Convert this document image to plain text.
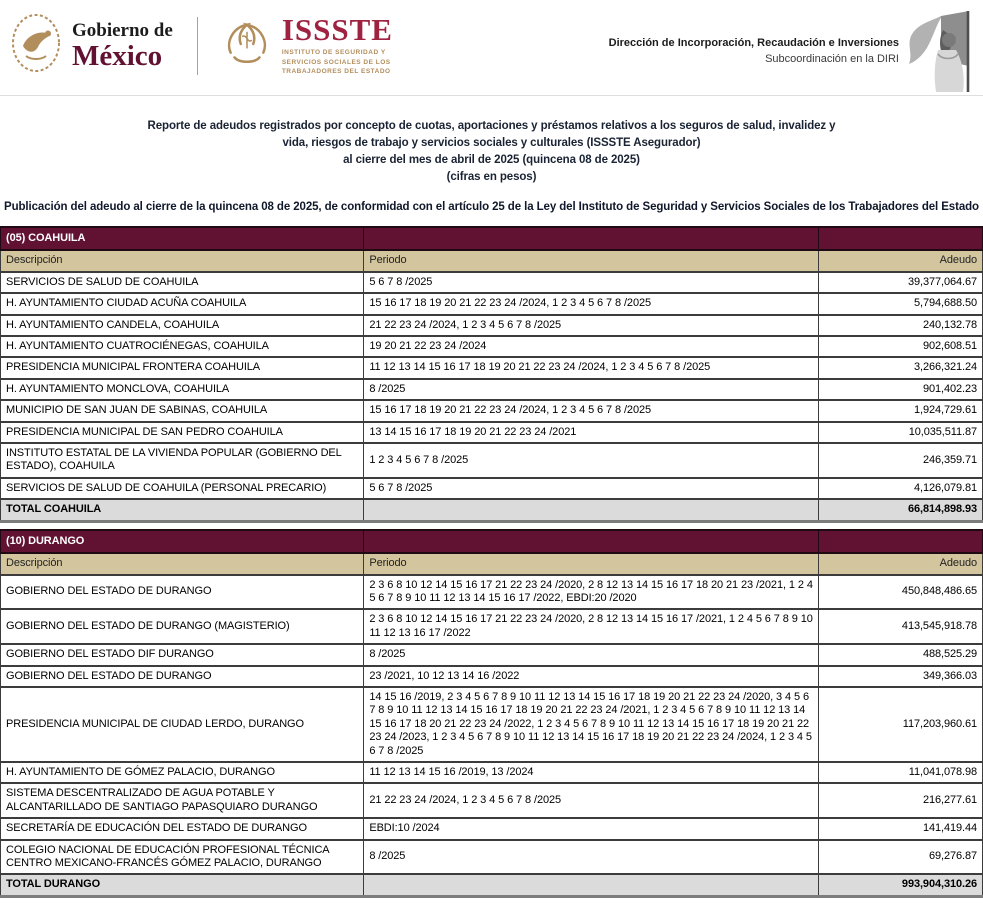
Gobierno de
México
ISSSTE
INSTITUTO DE SEGURIDAD Y SERVICIOS SOCIALES DE LOS TRABAJADORES DEL ESTADO
Dirección de Incorporación, Recaudación e Inversiones
Subcoordinación en la DIRI
Reporte de adeudos registrados por concepto de cuotas, aportaciones y préstamos relativos a los seguros de salud, invalidez y
vida, riesgos de trabajo y servicios sociales y culturales (ISSSTE Asegurador)
al cierre del mes de abril de 2025 (quincena 08 de 2025)
(cifras en pesos)
Publicación del adeudo al cierre de la quincena 08 de 2025, de conformidad con el artículo 25 de la Ley del Instituto de Seguridad y Servicios Sociales de los Trabajadores del Estado
(05) COAHUILA		
Descripción	Periodo	Adeudo
SERVICIOS DE SALUD DE COAHUILA	5 6 7 8 /2025	39,377,064.67
H. AYUNTAMIENTO CIUDAD ACUÑA COAHUILA	15 16 17 18 19 20 21 22 23 24 /2024, 1 2 3 4 5 6 7 8 /2025	5,794,688.50
H. AYUNTAMIENTO CANDELA, COAHUILA	21 22 23 24 /2024, 1 2 3 4 5 6 7 8 /2025	240,132.78
H. AYUNTAMIENTO CUATROCIÉNEGAS, COAHUILA	19 20 21 22 23 24 /2024	902,608.51
PRESIDENCIA MUNICIPAL FRONTERA COAHUILA	11 12 13 14 15 16 17 18 19 20 21 22 23 24 /2024, 1 2 3 4 5 6 7 8 /2025	3,266,321.24
H. AYUNTAMIENTO MONCLOVA, COAHUILA	8 /2025	901,402.23
MUNICIPIO DE SAN JUAN DE SABINAS, COAHUILA	15 16 17 18 19 20 21 22 23 24 /2024, 1 2 3 4 5 6 7 8 /2025	1,924,729.61
PRESIDENCIA MUNICIPAL DE SAN PEDRO COAHUILA	13 14 15 16 17 18 19 20 21 22 23 24 /2021	10,035,511.87
INSTITUTO ESTATAL DE LA VIVIENDA POPULAR (GOBIERNO DEL ESTADO), COAHUILA	1 2 3 4 5 6 7 8 /2025	246,359.71
SERVICIOS DE SALUD DE COAHUILA (PERSONAL PRECARIO)	5 6 7 8 /2025	4,126,079.81
TOTAL COAHUILA		66,814,898.93
(10) DURANGO		
Descripción	Periodo	Adeudo
GOBIERNO DEL ESTADO DE DURANGO	2 3 6 8 10 12 14 15 16 17 21 22 23 24 /2020, 2 8 12 13 14 15 16 17 18 20 21 23 /2021, 1 2 4 5 6 7 8 9 10 11 12 13 14 15 16 17 /2022, EBDI:20 /2020	450,848,486.65
GOBIERNO DEL ESTADO DE DURANGO (MAGISTERIO)	2 3 6 8 10 12 14 15 16 17 21 22 23 24 /2020, 2 8 12 13 14 15 16 17 /2021, 1 2 4 5 6 7 8 9 10 11 12 13 16 17 /2022	413,545,918.78
GOBIERNO DEL ESTADO DIF DURANGO	8 /2025	488,525.29
GOBIERNO DEL ESTADO DE DURANGO	23 /2021, 10 12 13 14 16 /2022	349,366.03
PRESIDENCIA MUNICIPAL DE CIUDAD LERDO, DURANGO	14 15 16 /2019, 2 3 4 5 6 7 8 9 10 11 12 13 14 15 16 17 18 19 20 21 22 23 24 /2020, 3 4 5 6 7 8 9 10 11 12 13 14 15 16 17 18 19 20 21 22 23 24 /2021, 1 2 3 4 5 6 7 8 9 10 11 12 13 14 15 16 17 18 20 21 22 23 24 /2022, 1 2 3 4 5 6 7 8 9 10 11 12 13 14 15 16 17 18 19 20 21 22 23 24 /2023, 1 2 3 4 5 6 7 8 9 10 11 12 13 14 15 16 17 18 19 20 21 22 23 24 /2024, 1 2 3 4 5 6 7 8 /2025	117,203,960.61
H. AYUNTAMIENTO DE GÓMEZ PALACIO, DURANGO	11 12 13 14 15 16 /2019, 13 /2024	11,041,078.98
SISTEMA DESCENTRALIZADO DE AGUA POTABLE Y ALCANTARILLADO DE SANTIAGO PAPASQUIARO DURANGO	21 22 23 24 /2024, 1 2 3 4 5 6 7 8 /2025	216,277.61
SECRETARÍA DE EDUCACIÓN DEL ESTADO DE DURANGO	EBDI:10 /2024	141,419.44
COLEGIO NACIONAL DE EDUCACIÓN PROFESIONAL TÉCNICA CENTRO MEXICANO-FRANCÉS GÓMEZ PALACIO, DURANGO	8 /2025	69,276.87
TOTAL DURANGO		993,904,310.26
